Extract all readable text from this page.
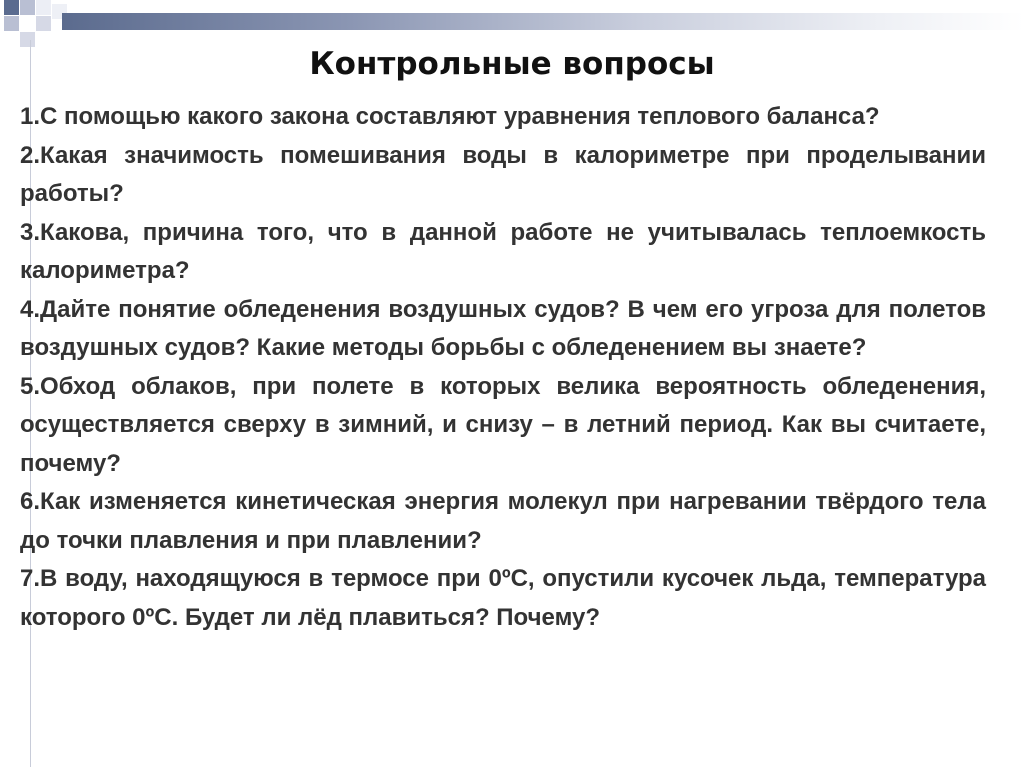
Контрольные вопросы

1.С помощью какого закона составляют уравнения теплового баланса?

2.Какая значимость помешивания воды в калориметре при проделывании работы?

3.Какова, причина того, что в данной работе не учитывалась теплоемкость калориметра?

4.Дайте понятие обледенения воздушных судов? В чем его угроза для полетов воздушных судов? Какие методы борьбы с обледенением вы знаете?

5.Обход облаков, при полете в которых велика вероятность обледенения, осуществляется сверху в зимний, и снизу – в летний период. Как вы считаете, почему?

6.Как изменяется кинетическая энергия молекул при нагревании твёрдого тела до точки плавления и при плавлении?

7.В воду, находящуюся в термосе при 0ºС, опустили кусочек льда, температура которого 0ºС. Будет ли лёд плавиться? Почему?
